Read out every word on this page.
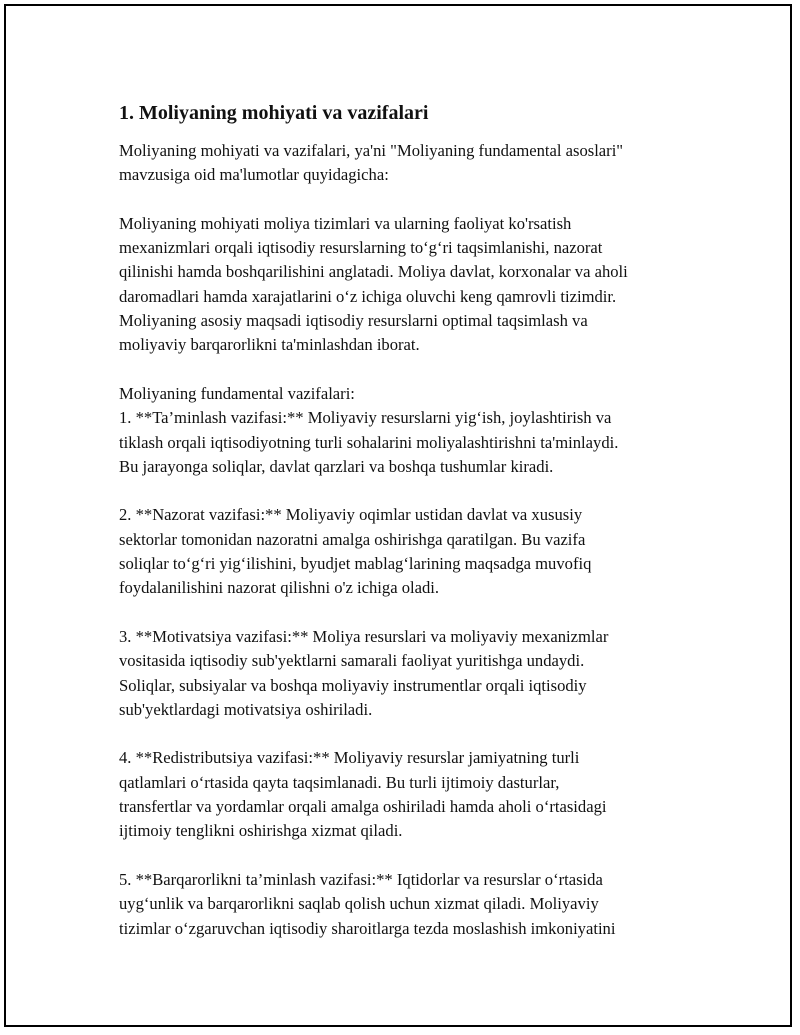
1. Moliyaning mohiyati va vazifalari

Moliyaning mohiyati va vazifalari, ya'ni "Moliyaning fundamental asoslari"
mavzusiga oid ma'lumotlar quyidagicha:

Moliyaning mohiyati moliya tizimlari va ularning faoliyat ko'rsatish
mexanizmlari orqali iqtisodiy resurslarning to‘g‘ri taqsimlanishi, nazorat
qilinishi hamda boshqarilishini anglatadi. Moliya davlat, korxonalar va aholi
daromadlari hamda xarajatlarini o‘z ichiga oluvchi keng qamrovli tizimdir.
Moliyaning asosiy maqsadi iqtisodiy resurslarni optimal taqsimlash va
moliyaviy barqarorlikni ta'minlashdan iborat.

Moliyaning fundamental vazifalari:
1. **Ta’minlash vazifasi:** Moliyaviy resurslarni yig‘ish, joylashtirish va
tiklash orqali iqtisodiyotning turli sohalarini moliyalashtirishni ta'minlaydi.
Bu jarayonga soliqlar, davlat qarzlari va boshqa tushumlar kiradi.

2. **Nazorat vazifasi:** Moliyaviy oqimlar ustidan davlat va xususiy
sektorlar tomonidan nazoratni amalga oshirishga qaratilgan. Bu vazifa
soliqlar to‘g‘ri yig‘ilishini, byudjet mablag‘larining maqsadga muvofiq
foydalanilishini nazorat qilishni o'z ichiga oladi.

3. **Motivatsiya vazifasi:** Moliya resurslari va moliyaviy mexanizmlar
vositasida iqtisodiy sub'yektlarni samarali faoliyat yuritishga undaydi.
Soliqlar, subsiyalar va boshqa moliyaviy instrumentlar orqali iqtisodiy
sub'yektlardagi motivatsiya oshiriladi.

4. **Redistributsiya vazifasi:** Moliyaviy resurslar jamiyatning turli
qatlamlari o‘rtasida qayta taqsimlanadi. Bu turli ijtimoiy dasturlar,
transfertlar va yordamlar orqali amalga oshiriladi hamda aholi o‘rtasidagi
ijtimoiy tenglikni oshirishga xizmat qiladi.

5. **Barqarorlikni ta’minlash vazifasi:** Iqtidorlar va resurslar o‘rtasida
uyg‘unlik va barqarorlikni saqlab qolish uchun xizmat qiladi. Moliyaviy
tizimlar o‘zgaruvchan iqtisodiy sharoitlarga tezda moslashish imkoniyatini
